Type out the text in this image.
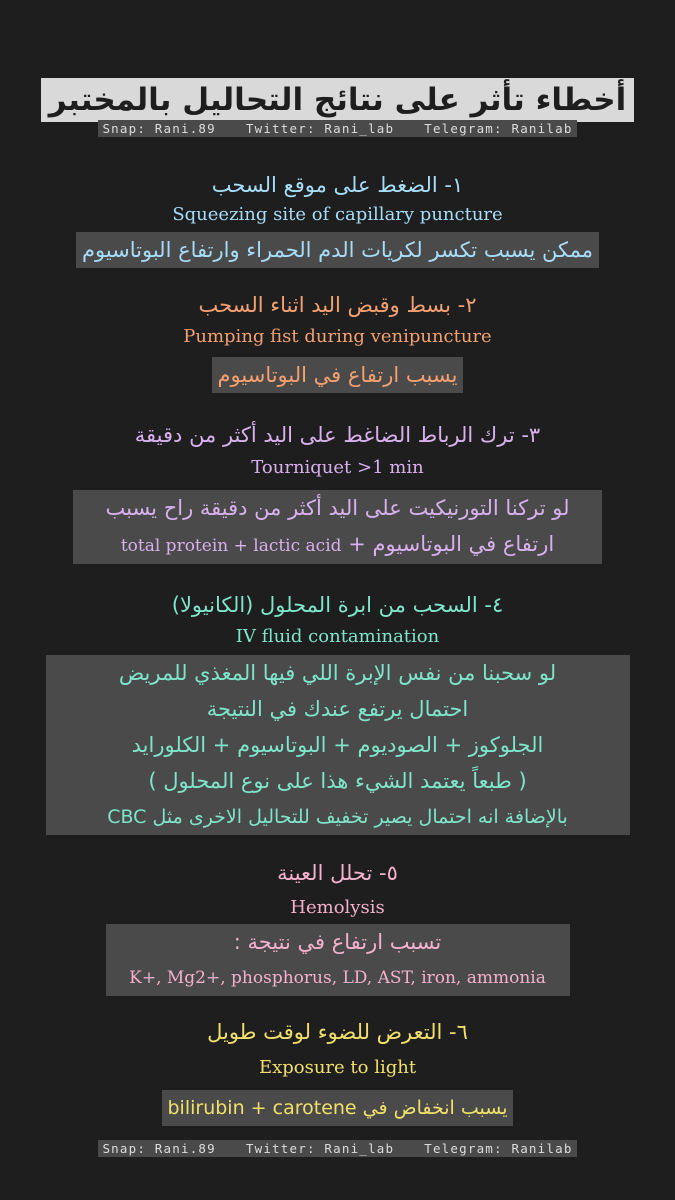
أخطاء تأثر على نتائج التحاليل بالمختبر
Snap: Rani.89 Twitter: Rani_lab Telegram: Ranilab
١- الضغط على موقع السحب
Squeezing site of capillary puncture
ممكن يسبب تكسر لكريات الدم الحمراء وارتفاع البوتاسيوم
٢- بسط وقبض اليد اثناء السحب
Pumping fist during venipuncture
يسبب ارتفاع في البوتاسيوم
٣- ترك الرباط الضاغط على اليد أكثر من دقيقة
Tourniquet >1 min
لو تركنا التورنيكيت على اليد أكثر من دقيقة راح يسبب
ارتفاع في البوتاسيوم + total protein + lactic acid
٤- السحب من ابرة المحلول (الكانيولا)
IV fluid contamination
لو سحبنا من نفس الإبرة اللي فيها المغذي للمريض
احتمال يرتفع عندك في النتيجة
الجلوكوز + الصوديوم + البوتاسيوم + الكلورايد
( طبعاً يعتمد الشيء هذا على نوع المحلول )
بالإضافة انه احتمال يصير تخفيف للتحاليل الاخرى مثل CBC
٥- تحلل العينة
Hemolysis
تسبب ارتفاع في نتيجة :
K+, Mg2+, phosphorus, LD, AST, iron, ammonia
٦- التعرض للضوء لوقت طويل
Exposure to light
يسبب انخفاض في bilirubin + carotene
Snap: Rani.89 Twitter: Rani_lab Telegram: Ranilab
